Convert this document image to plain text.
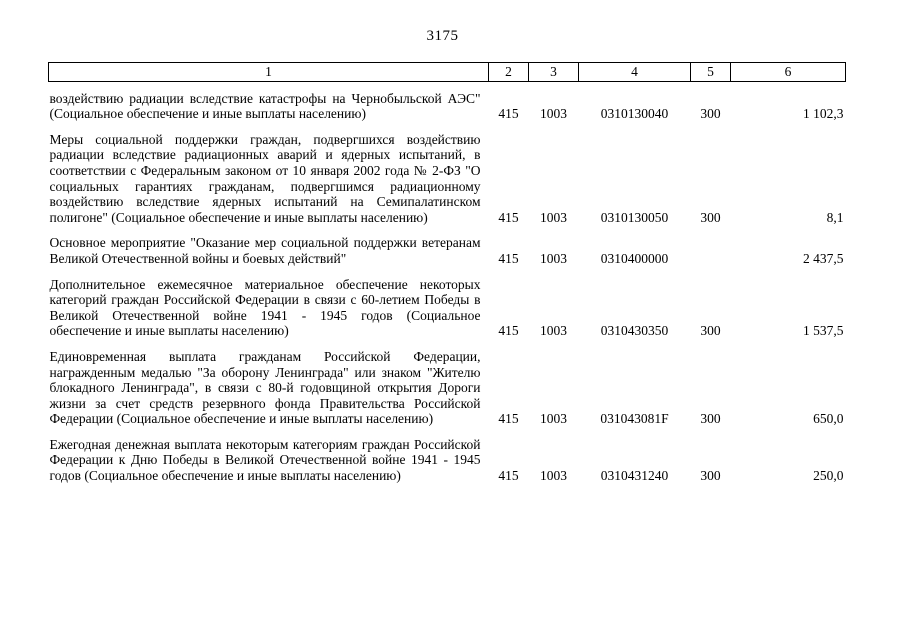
3175
1	2	3	4	5	6
воздействию радиации вследствие катастрофы на Чернобыльской АЭС" (Социальное обеспечение и иные выплаты населению)	415	1003	0310130040	300	1 102,3
Меры социальной поддержки граждан, подвергшихся воздействию радиации вследствие радиационных аварий и ядерных испытаний, в соответствии с Федеральным законом от 10 января 2002 года № 2-ФЗ "О социальных гарантиях гражданам, подвергшимся радиационному воздействию вследствие ядерных испытаний на Семипалатинском полигоне" (Социальное обеспечение и иные выплаты населению)	415	1003	0310130050	300	8,1
Основное мероприятие "Оказание мер социальной поддержки ветеранам Великой Отечественной войны и боевых действий"	415	1003	0310400000		2 437,5
Дополнительное ежемесячное материальное обеспечение некоторых категорий граждан Российской Федерации в связи с 60-летием Победы в Великой Отечественной войне 1941 - 1945 годов (Социальное обеспечение и иные выплаты населению)	415	1003	0310430350	300	1 537,5
Единовременная выплата гражданам Российской Федерации, награжденным медалью "За оборону Ленинграда" или знаком "Жителю блокадного Ленинграда", в связи с 80-й годовщиной открытия Дороги жизни за счет средств резервного фонда Правительства Российской Федерации (Социальное обеспечение и иные выплаты населению)	415	1003	031043081F	300	650,0
Ежегодная денежная выплата некоторым категориям граждан Российской Федерации к Дню Победы в Великой Отечественной войне 1941 - 1945 годов (Социальное обеспечение и иные выплаты населению)	415	1003	0310431240	300	250,0
